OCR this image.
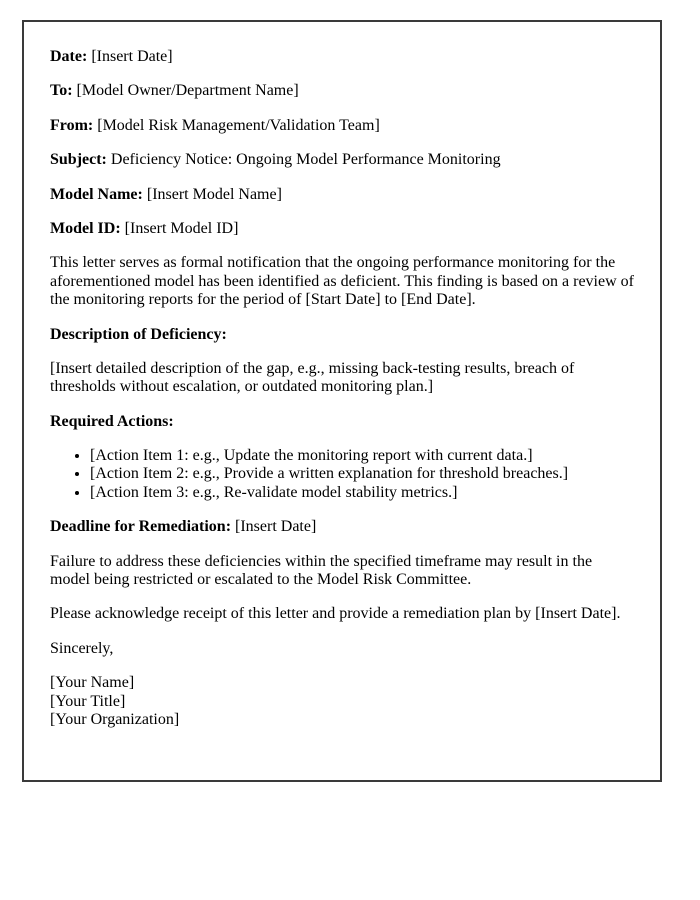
Date: [Insert Date]

To: [Model Owner/Department Name]

From: [Model Risk Management/Validation Team]

Subject: Deficiency Notice: Ongoing Model Performance Monitoring

Model Name: [Insert Model Name]

Model ID: [Insert Model ID]

This letter serves as formal notification that the ongoing performance monitoring for the aforementioned model has been identified as deficient. This finding is based on a review of the monitoring reports for the period of [Start Date] to [End Date].

Description of Deficiency:

[Insert detailed description of the gap, e.g., missing back-testing results, breach of thresholds without escalation, or outdated monitoring plan.]

Required Actions:

• [Action Item 1: e.g., Update the monitoring report with current data.]
• [Action Item 2: e.g., Provide a written explanation for threshold breaches.]
• [Action Item 3: e.g., Re-validate model stability metrics.]

Deadline for Remediation: [Insert Date]

Failure to address these deficiencies within the specified timeframe may result in the model being restricted or escalated to the Model Risk Committee.

Please acknowledge receipt of this letter and provide a remediation plan by [Insert Date].

Sincerely,

[Your Name]
[Your Title]
[Your Organization]
